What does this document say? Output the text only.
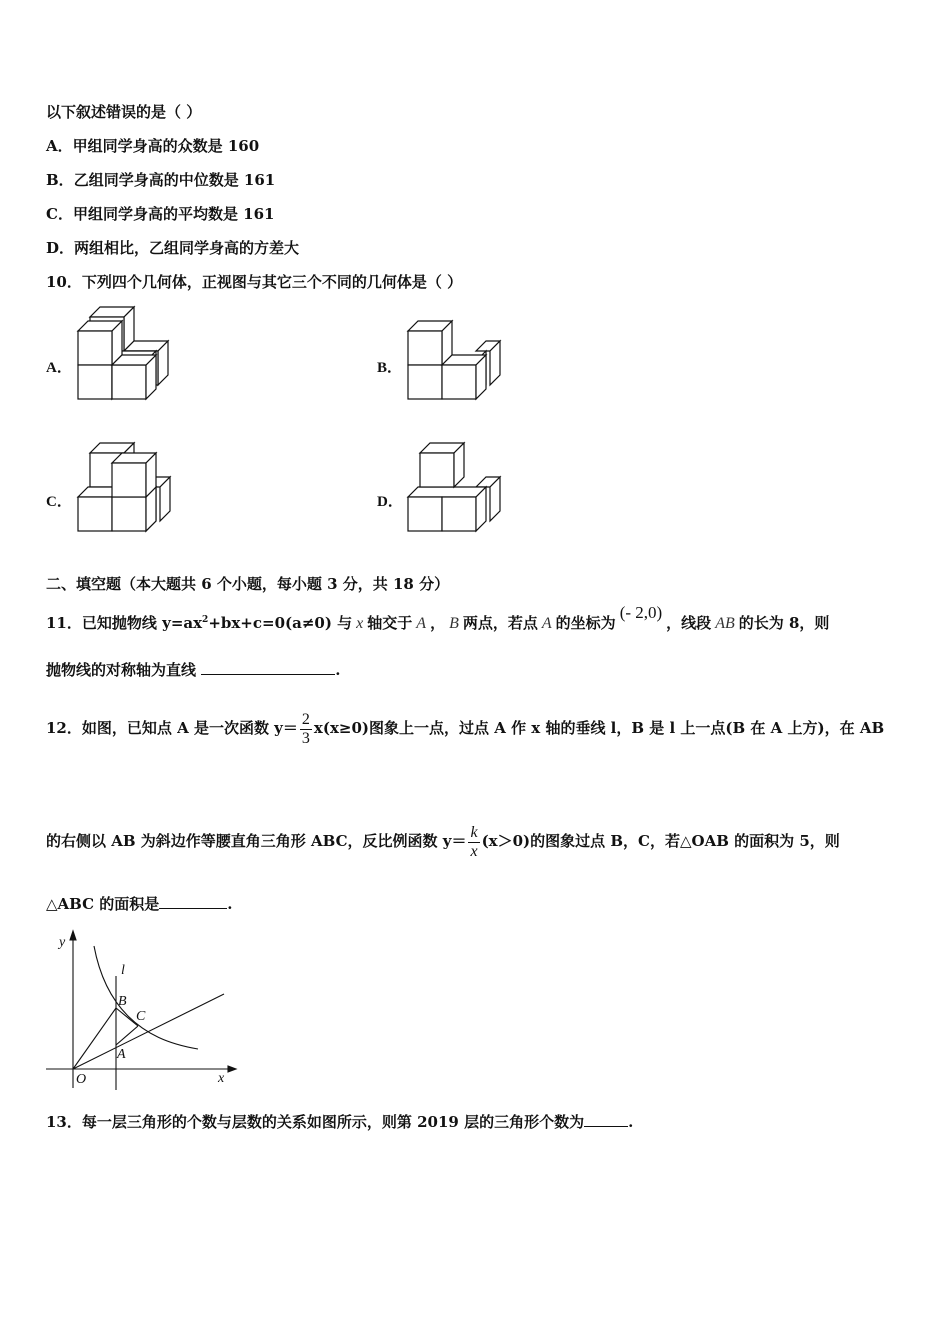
以下叙述错误的是（ ）
A．甲组同学身高的众数是 160
B．乙组同学身高的中位数是 161
C．甲组同学身高的平均数是 161
D．两组相比，乙组同学身高的方差大
10．下列四个几何体，正视图与其它三个不同的几何体是（ ）
A．	B．
C．	D．
二、填空题（本大题共 6 个小题，每小题 3 分，共 18 分）
11．已知抛物线 $y=ax^2+bx+c=0(a\ne 0)$ 与 x 轴交于 A ， B 两点，若点 A 的坐标为(- 2,0)，线段 AB 的长为 8，则
抛物线的对称轴为直线	.
12．如图，已知点 A 是一次函数 $y= \frac{2}{3} x(x\ge 0)$图象上一点，过点 A 作 x 轴的垂线 l，B 是 l 上一点(B 在 A 上方)，在 AB
的右侧以 AB 为斜边作等腰直角三角形 ABC，反比例函数 $y= \frac{k}{x} (x>0)$的图象过点 B，C，若△OAB 的面积为 5，则
△ABC 的面积是	.
y
x
O
l
B
C
A
13．每一层三角形的个数与层数的关系如图所示，则第 2019 层的三角形个数为	.
